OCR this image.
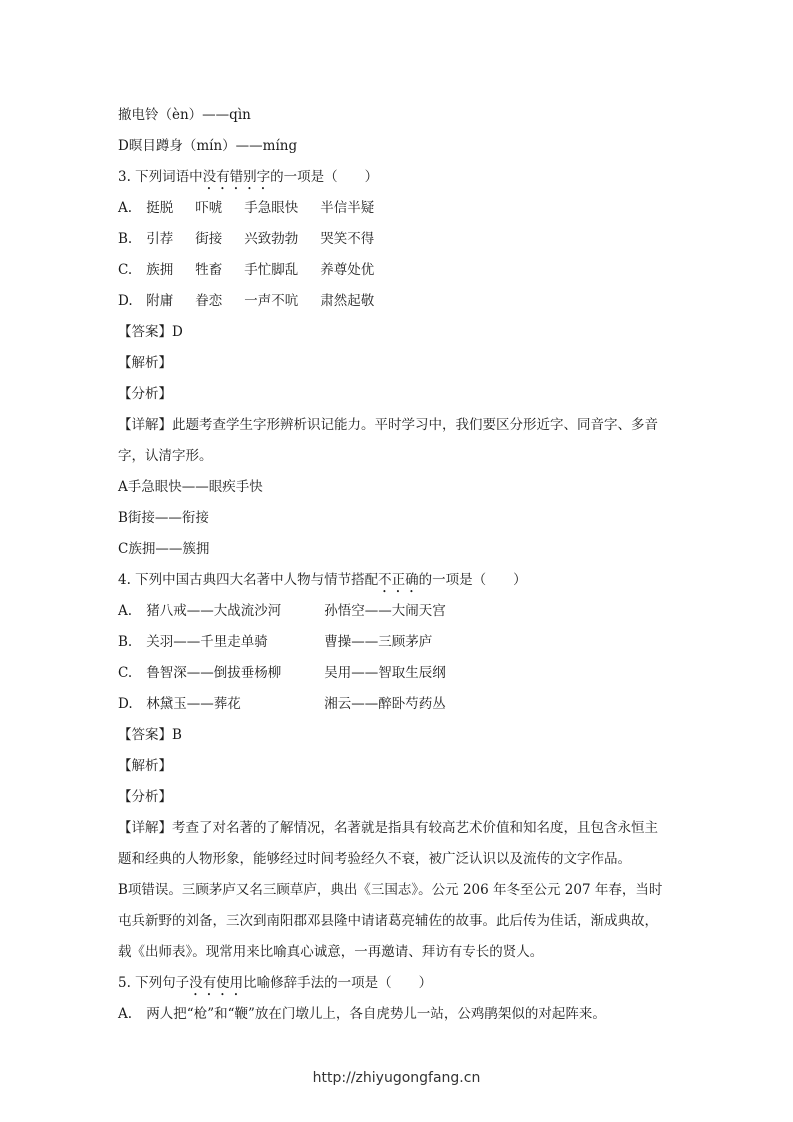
撤电铃（èn）——qìn
D暝目蹲身（mín）——míng
3. 下列词语中没有错别字的一项是（　　）
A. 挺脱 吓唬 手急眼快 半信半疑
B. 引荐 街接 兴致勃勃 哭笑不得
C. 族拥 牲畜 手忙脚乱 养尊处优
D. 附庸 眷恋 一声不吭 肃然起敬
【答案】D
【解析】
【分析】
【详解】此题考查学生字形辨析识记能力。平时学习中，我们要区分形近字、同音字、多音
字，认清字形。
A手急眼快——眼疾手快
B街接——衔接
C族拥——簇拥
4. 下列中国古典四大名著中人物与情节搭配不正确的一项是（　　）
A. 猪八戒——大战流沙河	孙悟空——大闹天宫
B. 关羽——千里走单骑	曹操——三顾茅庐
C. 鲁智深——倒拔垂杨柳	吴用——智取生辰纲
D. 林黛玉——葬花	湘云——醉卧芍药丛
【答案】B
【解析】
【分析】
【详解】考查了对名著的了解情况，名著就是指具有较高艺术价值和知名度，且包含永恒主
题和经典的人物形象，能够经过时间考验经久不衰，被广泛认识以及流传的文字作品。
B项错误。三顾茅庐又名三顾草庐，典出《三国志》。公元 206 年冬至公元 207 年春，当时
屯兵新野的刘备，三次到南阳郡邓县隆中请诸葛亮辅佐的故事。此后传为佳话，渐成典故，
载《出师表》。现常用来比喻真心诚意，一再邀请、拜访有专长的贤人。
5. 下列句子没有使用比喻修辞手法的一项是（　　）
A. 两人把“枪”和“鞭”放在门墩儿上，各自虎势儿一站，公鸡鹃架似的对起阵来。
http://zhiyugongfang.cn
